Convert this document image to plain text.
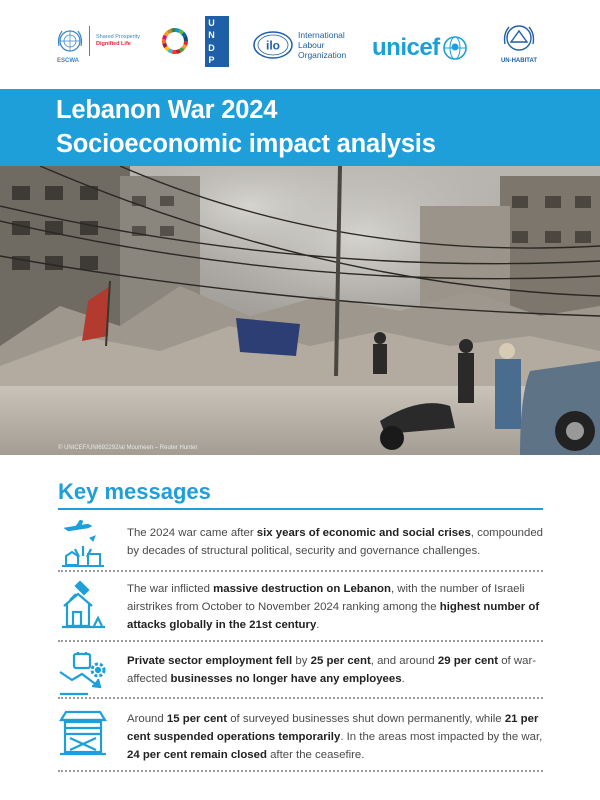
ESCWA
Shared Prosperity Dignified Life
U
N
D
P
ilo
International
Labour
Organization unicef	UN-HABITAT
Lebanon War 2024
Socioeconomic impact analysis
© UNICEF/UNI692292/al Moumeen – Reuter Hunter
Key messages
The 2024 war came after six years of economic and social crises, compounded by decades of structural political, security and governance challenges.
The war inflicted massive destruction on Lebanon, with the number of Israeli airstrikes from October to November 2024 ranking among the highest number of attacks globally in the 21st century.
Private sector employment fell by 25 per cent, and around 29 per cent of war-affected businesses no longer have any employees.
Around 15 per cent of surveyed businesses shut down permanently, while 21 per cent suspended operations temporarily. In the areas most impacted by the war, 24 per cent remain closed after the ceasefire.
